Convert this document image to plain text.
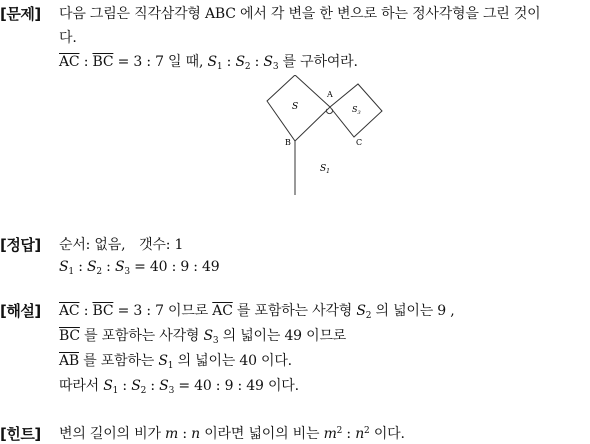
[문제] 다음 그림은 직각삼각형 ABC 에서 각 변을 한 변으로 하는 정사각형을 그린 것이
다.
$\overline{AC}$ : $\overline{BC} = 3$ : 7 일 때, $S_1$ : $S_2$ : $S_3$ 를 구하여라.
S
A
$S_3$
B	C
$S_1$
[정답] 순서: 없음,　갯수: 1
$S_1$ : $S_2$ : $S_3 = 40$ : 9 : 49
[해설] $\overline{AC}$ : $\overline{BC} = 3$ : 7 이므로 $\overline{AC}$ 를 포함하는 사각형 $S_2$ 의 넓이는 9 ,
$\overline{BC}$ 를 포함하는 사각형 $S_3$ 의 넓이는 49 이므로
$\overline{AB}$ 를 포함하는 $S_1$ 의 넓이는 40 이다.
따라서 $S_1$ : $S_2$ : $S_3 = 40$ : 9 : 49 이다.
[힌트] 변의 길이의 비가 m : n 이라면 넓이의 비는 $m^2$ : $n^2$ 이다.
